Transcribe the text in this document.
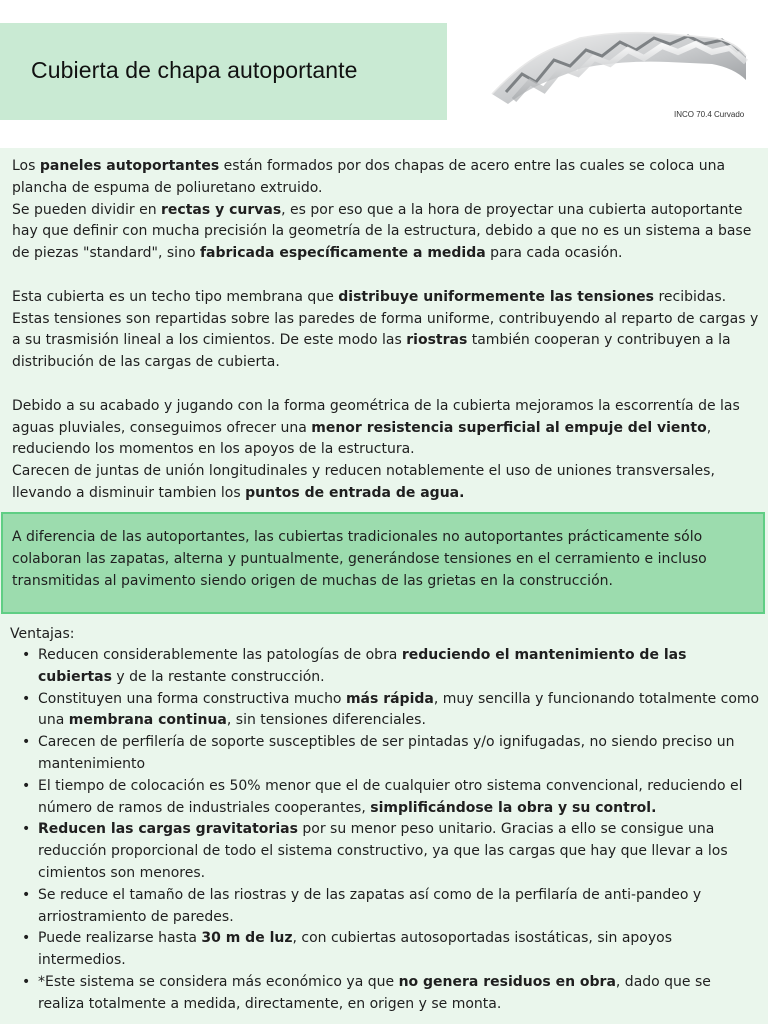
Cubierta de chapa autoportante
INCO 70.4 Curvado

Los paneles autoportantes están formados por dos chapas de acero entre las cuales se coloca una plancha de espuma de poliuretano extruido.

Se pueden dividir en rectas y curvas, es por eso que a la hora de proyectar una cubierta autoportante hay que definir con mucha precisión la geometría de la estructura, debido a que no es un sistema a base de piezas "standard", sino fabricada específicamente a medida para cada ocasión.

Esta cubierta es un techo tipo membrana que distribuye uniformemente las tensiones recibidas. Estas tensiones son repartidas sobre las paredes de forma uniforme, contribuyendo al reparto de cargas y a su trasmisión lineal a los cimientos. De este modo las riostras también cooperan y contribuyen a la distribución de las cargas de cubierta.

Debido a su acabado y jugando con la forma geométrica de la cubierta mejoramos la escorrentía de las aguas pluviales, conseguimos ofrecer una menor resistencia superficial al empuje del viento, reduciendo los momentos en los apoyos de la estructura.

Carecen de juntas de unión longitudinales y reducen notablemente el uso de uniones transversales, llevando a disminuir tambien los puntos de entrada de agua.

A diferencia de las autoportantes, las cubiertas tradicionales no autoportantes prácticamente sólo colaboran las zapatas, alterna y puntualmente, generándose tensiones en el cerramiento e incluso transmitidas al pavimento siendo origen de muchas de las grietas en la construcción.

Ventajas:

• Reducen considerablemente las patologías de obra reduciendo el mantenimiento de las cubiertas y de la restante construcción.
• Constituyen una forma constructiva mucho más rápida, muy sencilla y funcionando totalmente como una membrana continua, sin tensiones diferenciales.
• Carecen de perfilería de soporte susceptibles de ser pintadas y/o ignifugadas, no siendo preciso un mantenimiento
• El tiempo de colocación es 50% menor que el de cualquier otro sistema convencional, reduciendo el número de ramos de industriales cooperantes, simplificándose la obra y su control.
• Reducen las cargas gravitatorias por su menor peso unitario. Gracias a ello se consigue una reducción proporcional de todo el sistema constructivo, ya que las cargas que hay que llevar a los cimientos son menores.
• Se reduce el tamaño de las riostras y de las zapatas así como de la perfilaría de anti-pandeo y arriostramiento de paredes.
• Puede realizarse hasta 30 m de luz, con cubiertas autosoportadas isostáticas, sin apoyos intermedios.
• *Este sistema se considera más económico ya que no genera residuos en obra, dado que se realiza totalmente a medida, directamente, en origen y se monta.
